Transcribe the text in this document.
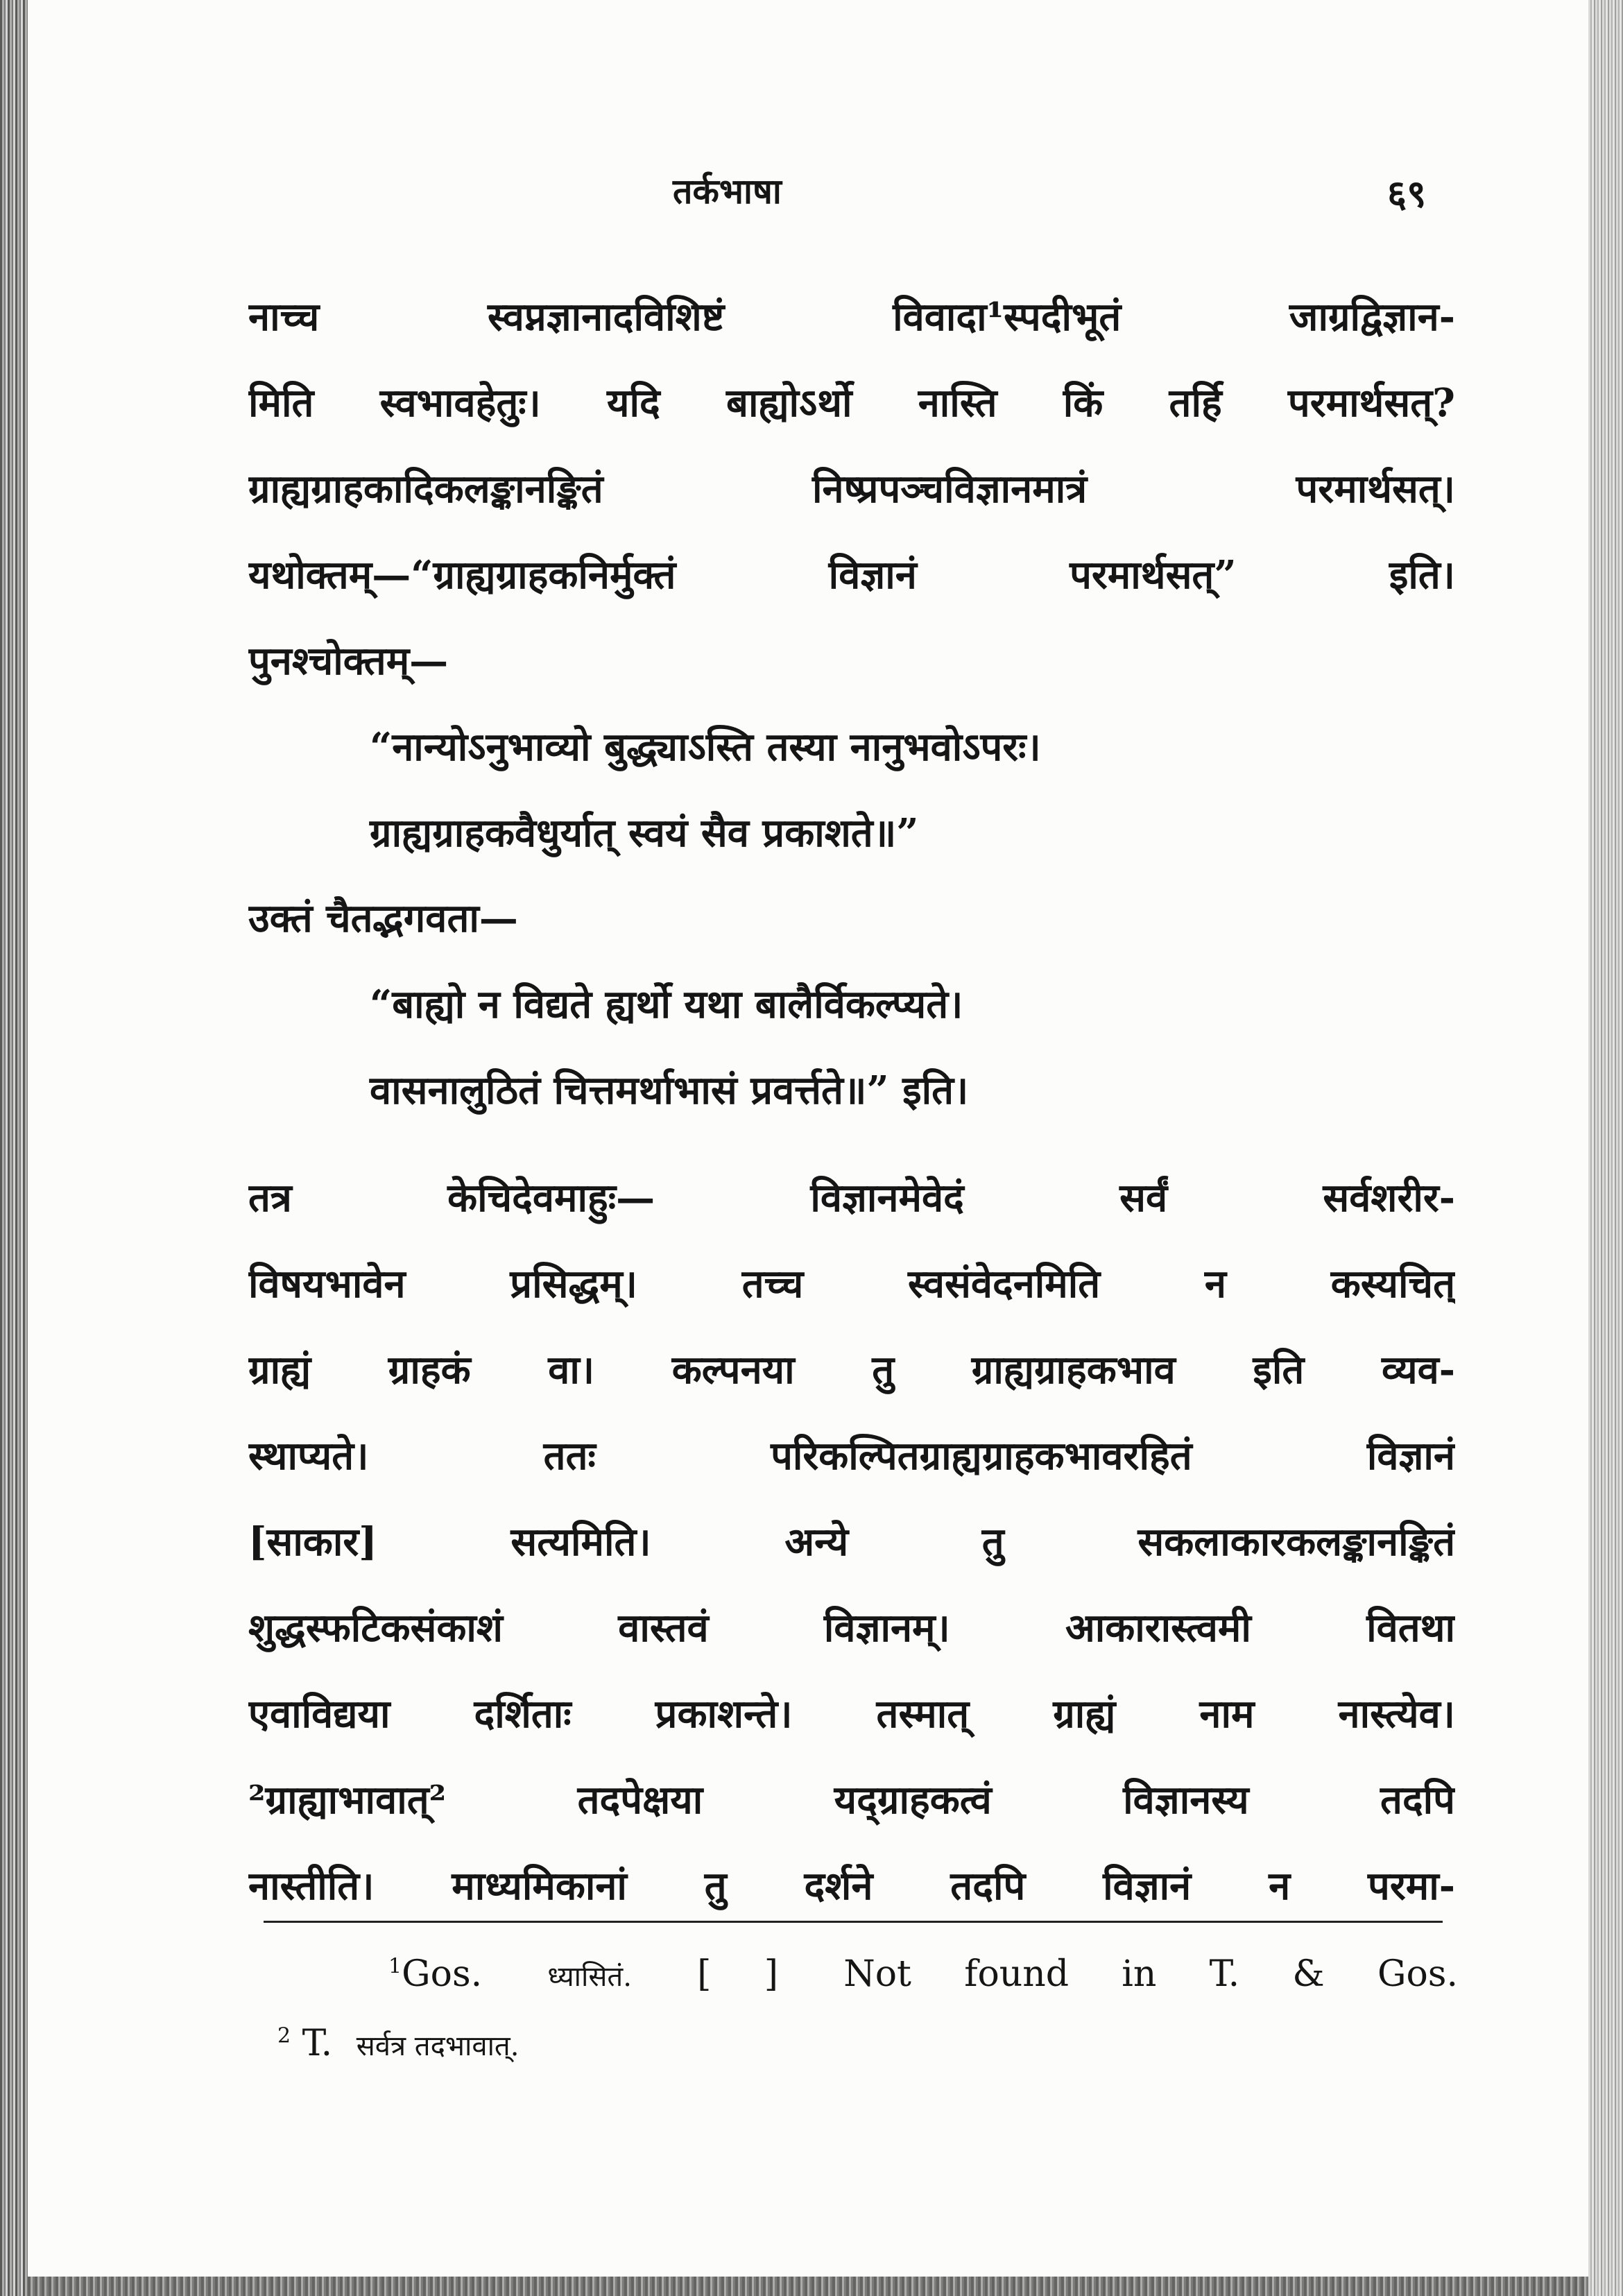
तर्कभाषा	६९
नाच्च स्वप्नज्ञानादविशिष्टं विवादा¹स्पदीभूतं जाग्रद्विज्ञान-
मिति स्वभावहेतुः। यदि बाह्योऽर्थो नास्ति किं तर्हि परमार्थसत्?
ग्राह्यग्राहकादिकलङ्कानङ्कितं निष्प्रपञ्चविज्ञानमात्रं परमार्थसत्।
यथोक्तम्—“ग्राह्यग्राहकनिर्मुक्तं विज्ञानं परमार्थसत्” इति।
पुनश्चोक्तम्—
“नान्योऽनुभाव्यो बुद्ध्याऽस्ति तस्या नानुभवोऽपरः।
ग्राह्यग्राहकवैधुर्यात् स्वयं सैव प्रकाशते॥”
उक्तं चैतद्भगवता—
“बाह्यो न विद्यते ह्यर्थो यथा बालैर्विकल्प्यते।
वासनालुठितं चित्तमर्थाभासं प्रवर्त्तते॥” इति।
तत्र केचिदेवमाहुः— विज्ञानमेवेदं सर्वं सर्वशरीर-
विषयभावेन प्रसिद्धम्। तच्च स्वसंवेदनमिति न कस्यचित्
ग्राह्यं ग्राहकं वा। कल्पनया तु ग्राह्यग्राहकभाव इति व्यव-
स्थाप्यते। ततः परिकल्पितग्राह्यग्राहकभावरहितं विज्ञानं
[साकार] सत्यमिति। अन्ये तु सकलाकारकलङ्कानङ्कितं
शुद्धस्फटिकसंकाशं वास्तवं विज्ञानम्। आकारास्त्वमी वितथा
एवाविद्यया दर्शिताः प्रकाशन्ते। तस्मात् ग्राह्यं नाम नास्त्येव।
²ग्राह्याभावात्² तदपेक्षया यद्ग्राहकत्वं विज्ञानस्य तदपि
नास्तीति। माध्यमिकानां तु दर्शने तदपि विज्ञानं न परमा-
$^1$Gos. ध्यासितं. [ ] Not found in T. & Gos.
$^2$ T. सर्वत्र तदभावात्.
